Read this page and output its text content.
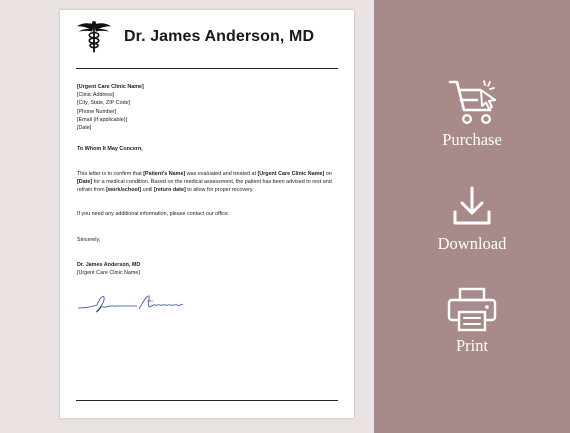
Dr. James Anderson, MD
[Urgent Care Clinic Name]
[Clinic Address]
[City, State, ZIP Code]
[Phone Number]
[Email (if applicable)]
[Date]
To Whom It May Concern,
This letter is to confirm that [Patient's Name] was evaluated and treated at [Urgent Care Clinic Name] on
[Date] for a medical condition. Based on the medical assessment, the patient has been advised to rest and
refrain from [work/school] until [return date] to allow for proper recovery.
If you need any additional information, please contact our office.
Sincerely,
Dr. James Anderson, MD
[Urgent Care Clinic Name]
Purchase
Download
Print
